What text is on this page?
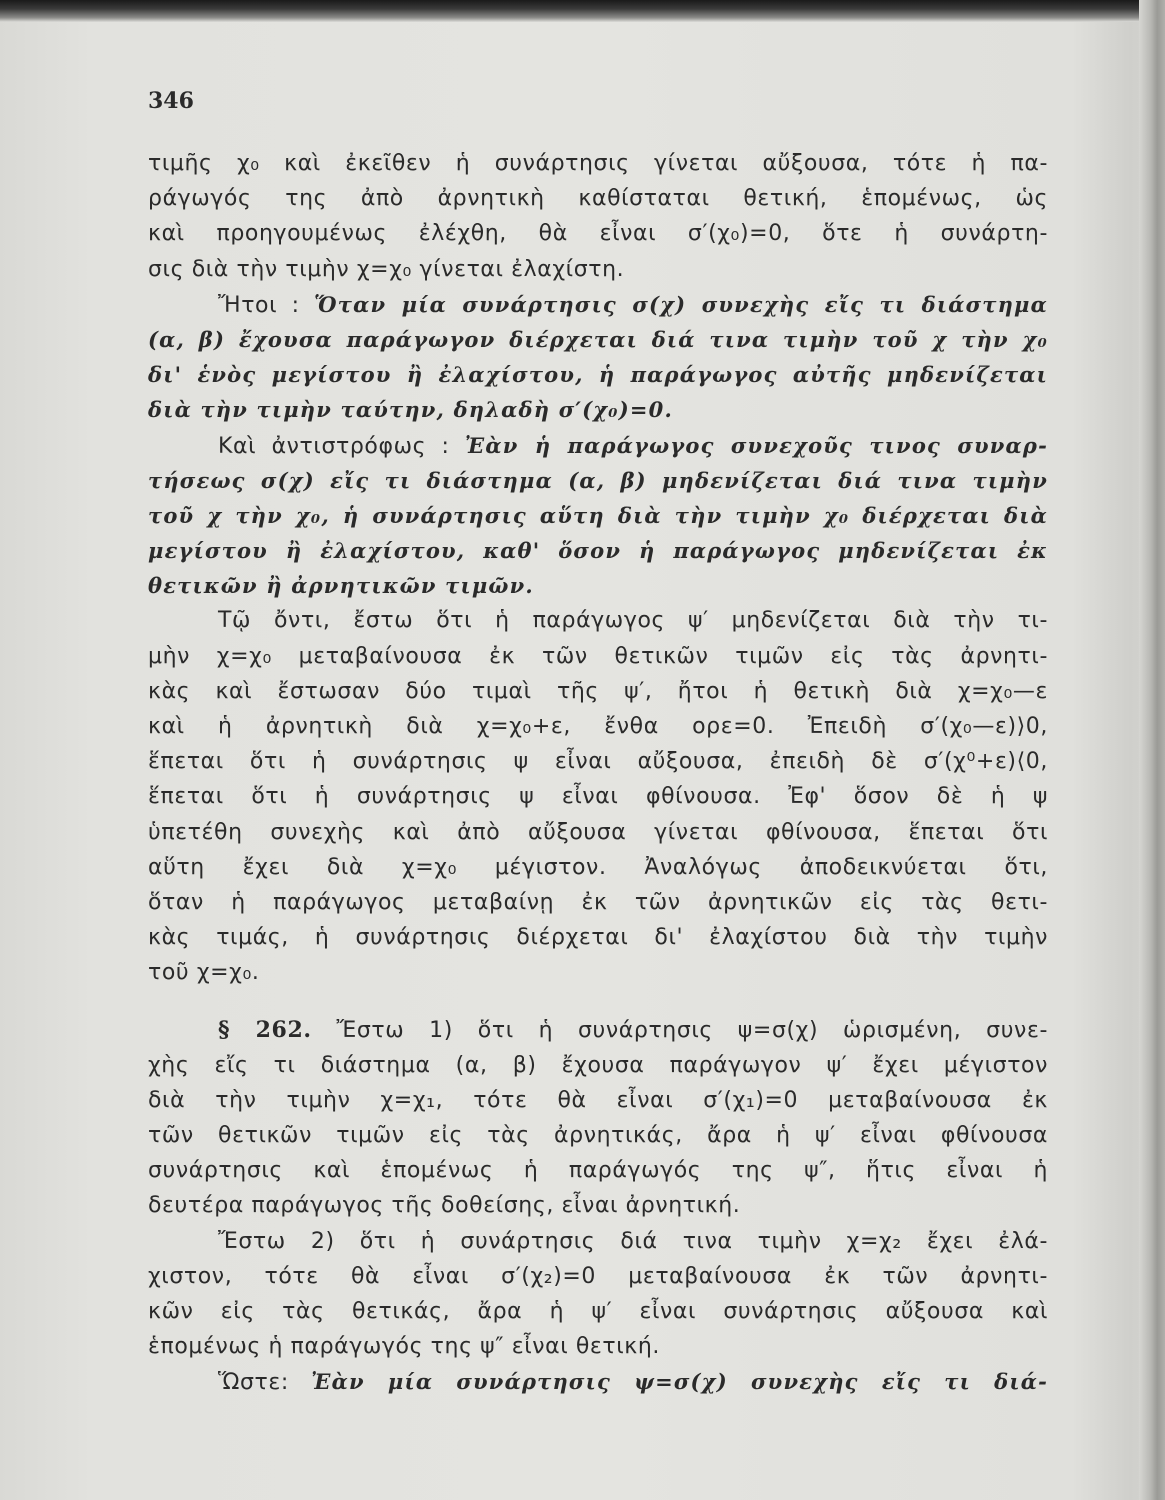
346
τιμῆς χ₀ καὶ ἐκεῖθεν ἡ συνάρτησις γίνεται αὔξουσα, τότε ἡ πα-
ράγωγός της ἀπὸ ἀρνητικὴ καθίσταται θετική, ἑπομένως, ὡς
καὶ προηγουμένως ἐλέχθη, θὰ εἶναι σ′(χ₀)=0, ὅτε ἡ συνάρτη-
σις διὰ τὴν τιμὴν χ=χ₀ γίνεται ἐλαχίστη.
Ἤτοι : Ὅταν μία συνάρτησις σ(χ) συνεχὴς εἴς τι διάστημα
(α, β) ἔχουσα παράγωγον διέρχεται διά τινα τιμὴν τοῦ χ τὴν χ₀
δι' ἑνὸς μεγίστου ἢ ἐλαχίστου, ἡ παράγωγος αὐτῆς μηδενίζεται
διὰ τὴν τιμὴν ταύτην, δηλαδὴ σ′(χ₀)=0.
Καὶ ἀντιστρόφως : Ἐὰν ἡ παράγωγος συνεχοῦς τινος συναρ-
τήσεως σ(χ) εἴς τι διάστημα (α, β) μηδενίζεται διά τινα τιμὴν
τοῦ χ τὴν χ₀, ἡ συνάρτησις αὕτη διὰ τὴν τιμὴν χ₀ διέρχεται διὰ
μεγίστου ἢ ἐλαχίστου, καθ' ὅσον ἡ παράγωγος μηδενίζεται ἐκ
θετικῶν ἢ ἀρνητικῶν τιμῶν.
Τῷ ὄντι, ἔστω ὅτι ἡ παράγωγος ψ′ μηδενίζεται διὰ τὴν τι-
μὴν χ=χ₀ μεταβαίνουσα ἐκ τῶν θετικῶν τιμῶν εἰς τὰς ἀρνητι-
κὰς καὶ ἔστωσαν δύο τιμαὶ τῆς ψ′, ἤτοι ἡ θετικὴ διὰ χ=χ₀—ε
καὶ ἡ ἀρνητικὴ διὰ χ=χ₀+ε, ἔνθα ορε=0. Ἐπειδὴ σ′(χ₀—ε)⟩0,
ἕπεται ὅτι ἡ συνάρτησις ψ εἶναι αὔξουσα, ἐπειδὴ δὲ σ′(χ⁰+ε)⟨0,
ἕπεται ὅτι ἡ συνάρτησις ψ εἶναι φθίνουσα. Ἐφ' ὅσον δὲ ἡ ψ
ὑπετέθη συνεχὴς καὶ ἀπὸ αὔξουσα γίνεται φθίνουσα, ἕπεται ὅτι
αὕτη ἔχει διὰ χ=χ₀ μέγιστον. Ἀναλόγως ἀποδεικνύεται ὅτι,
ὅταν ἡ παράγωγος μεταβαίνῃ ἐκ τῶν ἀρνητικῶν εἰς τὰς θετι-
κὰς τιμάς, ἡ συνάρτησις διέρχεται δι' ἐλαχίστου διὰ τὴν τιμὴν
τοῦ χ=χ₀.
§ 262. Ἔστω 1) ὅτι ἡ συνάρτησις ψ=σ(χ) ὡρισμένη, συνε-
χὴς εἴς τι διάστημα (α, β) ἔχουσα παράγωγον ψ′ ἔχει μέγιστον
διὰ τὴν τιμὴν χ=χ₁, τότε θὰ εἶναι σ′(χ₁)=0 μεταβαίνουσα ἐκ
τῶν θετικῶν τιμῶν εἰς τὰς ἀρνητικάς, ἄρα ἡ ψ′ εἶναι φθίνουσα
συνάρτησις καὶ ἑπομένως ἡ παράγωγός της ψ″, ἥτις εἶναι ἡ
δευτέρα παράγωγος τῆς δοθείσης, εἶναι ἀρνητική.
Ἔστω 2) ὅτι ἡ συνάρτησις διά τινα τιμὴν χ=χ₂ ἔχει ἐλά-
χιστον, τότε θὰ εἶναι σ′(χ₂)=0 μεταβαίνουσα ἐκ τῶν ἀρνητι-
κῶν εἰς τὰς θετικάς, ἄρα ἡ ψ′ εἶναι συνάρτησις αὔξουσα καὶ
ἑπομένως ἡ παράγωγός της ψ″ εἶναι θετική.
Ὥστε: Ἐὰν μία συνάρτησις ψ=σ(χ) συνεχὴς εἴς τι διά-
